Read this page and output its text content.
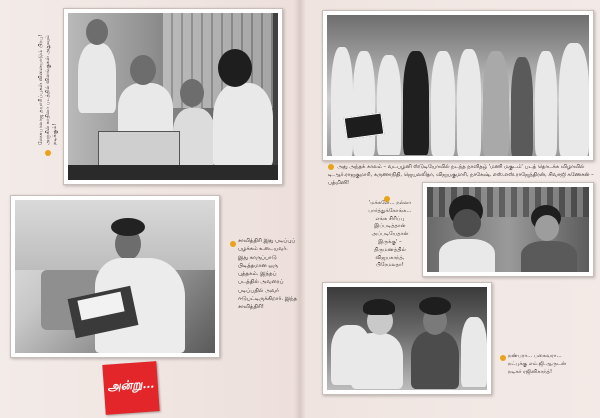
ஸேசுபாலாஜ தயாரிப்புகள் விளையாடும் பிரபு! அருகில் காதிலா படத்தில் விளங்குகள் அதுவும் நடிக்கும்!
அது அந்தக் காலம் – வடபழனி ஸ்டுடியோவில் நடந்த நாளிதழ் 'மணி மகுடம்' படத் தொடக்க விழாவில் டி.ஆர்.ராஜகுமாரி, கருணாநிதி, ஜெயலலிதா, விஜயகுமாரி, நாகேஷ், எஸ்.எஸ்.ராஜேந்திரன், சிவாஜி கணேசன் – பத்மினி!
சாவித்திரி இது படிப்புப் பழக்கம் உடையவர். இது காருப்பாடு பிடித்தமான ஒரு புத்தகம். இந்தப் படத்தில் அவரைப் படிப்பதில் அவர் ஈடுபட்டிருக்கிறார். இந்த சாவித்திரி!
'மக்களே… நல்லா பார்த்துக்கோங்க… எங்க சிரிப்பு இப்படித்தான் அப்படியேதான் இருக்கு' – திருமணத்தில் விஜயகாந்த், பிரேமலதா!
நண்பரா… பகைவரா… நட்புக்கு எம்.ஜி.ஆருடன் நடிகர் ரஜினிகாந்த்!
அன்று…
